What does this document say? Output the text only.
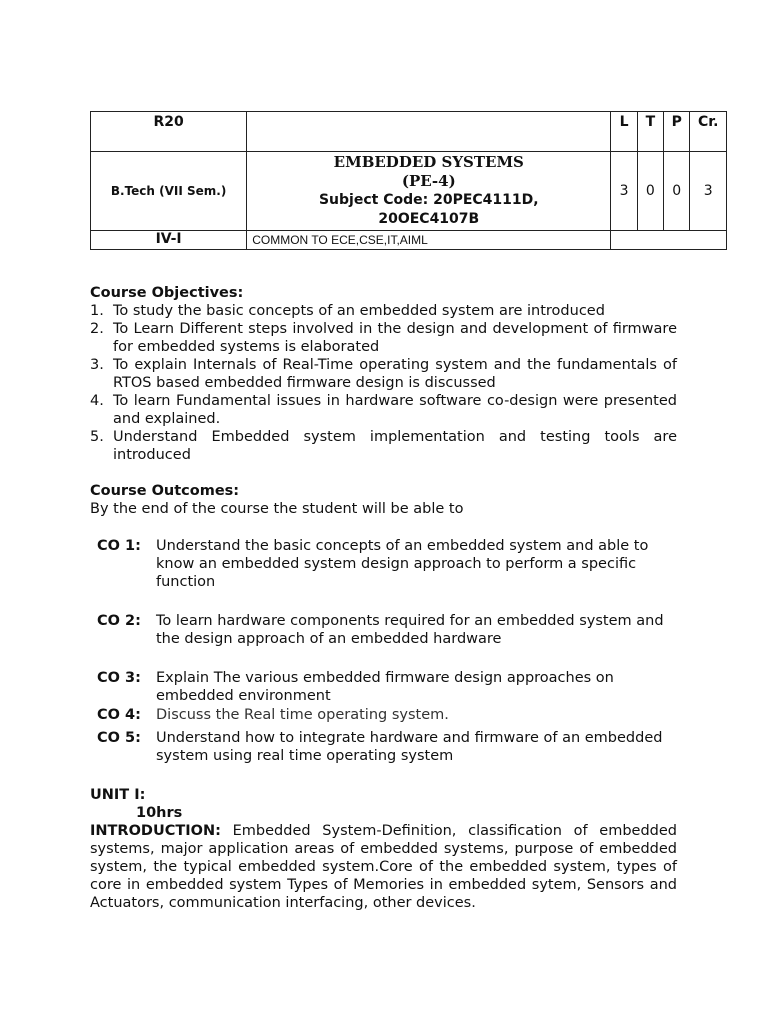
R20		L	T	P	Cr.
B.Tech (VII Sem.)	EMBEDDED SYSTEMS
(PE-4)
Subject Code: 20PEC4111D,
20OEC4107B	3	0	0	3
IV-I	COMMON TO ECE,CSE,IT,AIML				
Course Objectives:
1. To study the basic concepts of an embedded system are introduced
2. To Learn Different steps involved in the design and development of firmware for embedded systems is elaborated
3. To explain Internals of Real-Time operating system and the fundamentals of RTOS based embedded firmware design is discussed
4. To learn Fundamental issues in hardware software co-design were presented and explained.
5. Understand Embedded system implementation and testing tools are introduced
Course Outcomes:
By the end of the course the student will be able to
CO 1: Understand the basic concepts of an embedded system and able to know an embedded system design approach to perform a specific function
CO 2: To learn hardware components required for an embedded system and the design approach of an embedded hardware
CO 3: Explain The various embedded firmware design approaches on embedded environment
CO 4: Discuss the Real time operating system.
CO 5: Understand how to integrate hardware and firmware of an embedded system using real time operating system
UNIT I:
10hrs
INTRODUCTION: Embedded System-Definition, classification of embedded systems, major application areas of embedded systems, purpose of embedded system, the typical embedded system.Core of the embedded system, types of core in embedded system Types of Memories in embedded sytem, Sensors and Actuators, communication interfacing, other devices.
